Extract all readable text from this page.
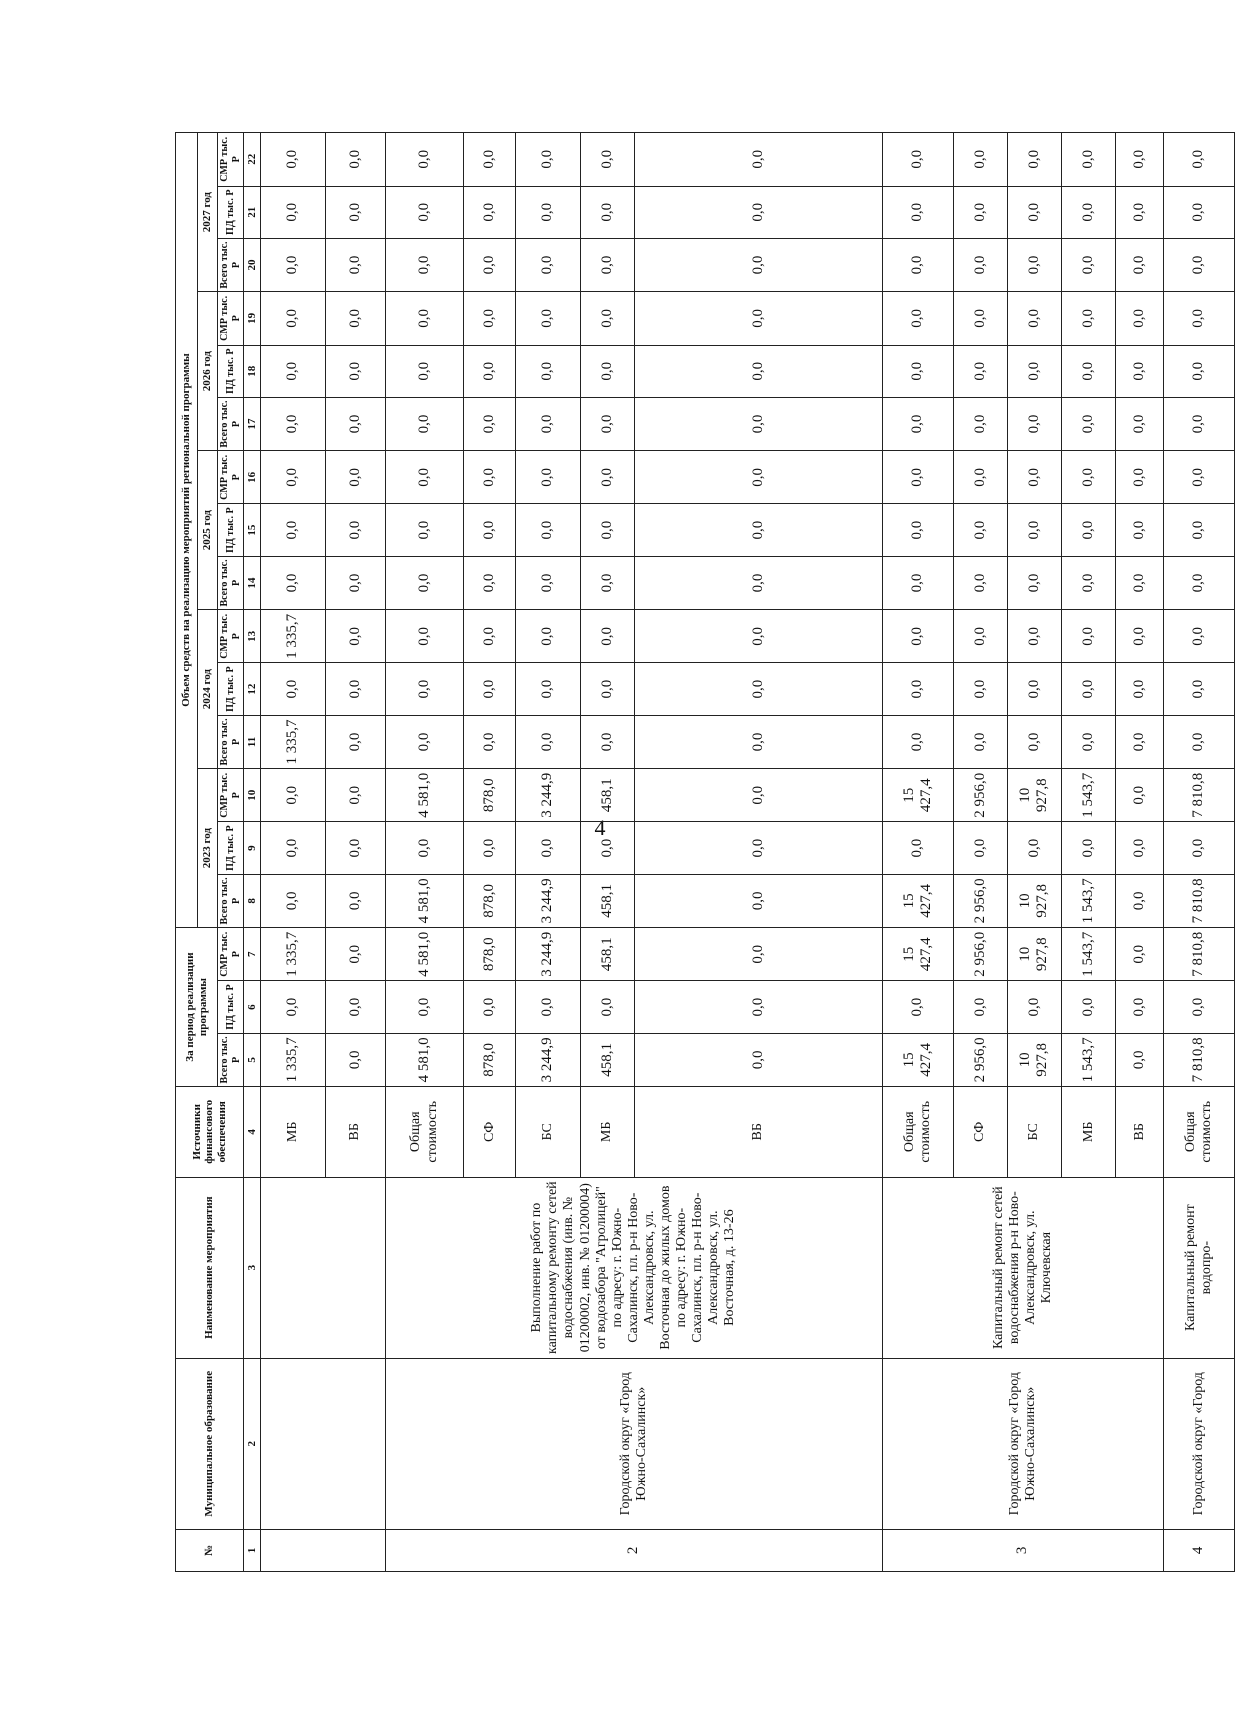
4
№	Муниципальное образование	Наименование мероприятия	Источники финансового обеспечения	За период реализации программы			Объем средств на реализацию мероприятий региональной программы														
							2023 год			2024 год			2025 год			2026 год			2027 год		
				Всего тыс. Р	ПД тыс. Р	СМР тыс. Р	Всего тыс. Р	ПД тыс. Р	СМР тыс. Р	Всего тыс. Р	ПД тыс. Р	СМР тыс. Р	Всего тыс. Р	ПД тыс. Р	СМР тыс. Р	Всего тыс. Р	ПД тыс. Р	СМР тыс. Р	Всего тыс. Р	ПД тыс. Р	СМР тыс. Р
1	2	3	4	5	6	7	8	9	10	11	12	13	14	15	16	17	18	19	20	21	22
			МБ	1 335,7	0,0	1 335,7	0,0	0,0	0,0	1 335,7	0,0	1 335,7	0,0	0,0	0,0	0,0	0,0	0,0	0,0	0,0	0,0
			ВБ	0,0	0,0	0,0	0,0	0,0	0,0	0,0	0,0	0,0	0,0	0,0	0,0	0,0	0,0	0,0	0,0	0,0	0,0
2	Городской округ «Город Южно-Сахалинск»	Выполнение работ по капитальному ремонту сетей водоснабжения (инв. № 01200002, инв. № 01200004) от водозабора "Агролицей" по адресу: г. Южно-Сахалинск, пл. р-н Ново-Александровск, ул. Восточная до жилых домов по адресу: г. Южно-Сахалинск, пл. р-н Ново-Александровск, ул. Восточная, д. 13-26	Общая стоимость	4 581,0	0,0	4 581,0	4 581,0	0,0	4 581,0	0,0	0,0	0,0	0,0	0,0	0,0	0,0	0,0	0,0	0,0	0,0	0,0
			СФ	878,0	0,0	878,0	878,0	0,0	878,0	0,0	0,0	0,0	0,0	0,0	0,0	0,0	0,0	0,0	0,0	0,0	0,0
			БС	3 244,9	0,0	3 244,9	3 244,9	0,0	3 244,9	0,0	0,0	0,0	0,0	0,0	0,0	0,0	0,0	0,0	0,0	0,0	0,0
			МБ	458,1	0,0	458,1	458,1	0,0	458,1	0,0	0,0	0,0	0,0	0,0	0,0	0,0	0,0	0,0	0,0	0,0	0,0
			ВБ	0,0	0,0	0,0	0,0	0,0	0,0	0,0	0,0	0,0	0,0	0,0	0,0	0,0	0,0	0,0	0,0	0,0	0,0
3	Городской округ «Город Южно-Сахалинск»	Капитальный ремонт сетей водоснабжения р-н Ново-Александровск, ул. Ключевская	Общая стоимость	15 427,4	0,0	15 427,4	15 427,4	0,0	15 427,4	0,0	0,0	0,0	0,0	0,0	0,0	0,0	0,0	0,0	0,0	0,0	0,0
			СФ	2 956,0	0,0	2 956,0	2 956,0	0,0	2 956,0	0,0	0,0	0,0	0,0	0,0	0,0	0,0	0,0	0,0	0,0	0,0	0,0
			БС	10 927,8	0,0	10 927,8	10 927,8	0,0	10 927,8	0,0	0,0	0,0	0,0	0,0	0,0	0,0	0,0	0,0	0,0	0,0	0,0
			МБ	1 543,7	0,0	1 543,7	1 543,7	0,0	1 543,7	0,0	0,0	0,0	0,0	0,0	0,0	0,0	0,0	0,0	0,0	0,0	0,0
			ВБ	0,0	0,0	0,0	0,0	0,0	0,0	0,0	0,0	0,0	0,0	0,0	0,0	0,0	0,0	0,0	0,0	0,0	0,0
4	Городской округ «Город	Капитальный ремонт водопро-	Общая стоимость	7 810,8	0,0	7 810,8	7 810,8	0,0	7 810,8	0,0	0,0	0,0	0,0	0,0	0,0	0,0	0,0	0,0	0,0	0,0	0,0
